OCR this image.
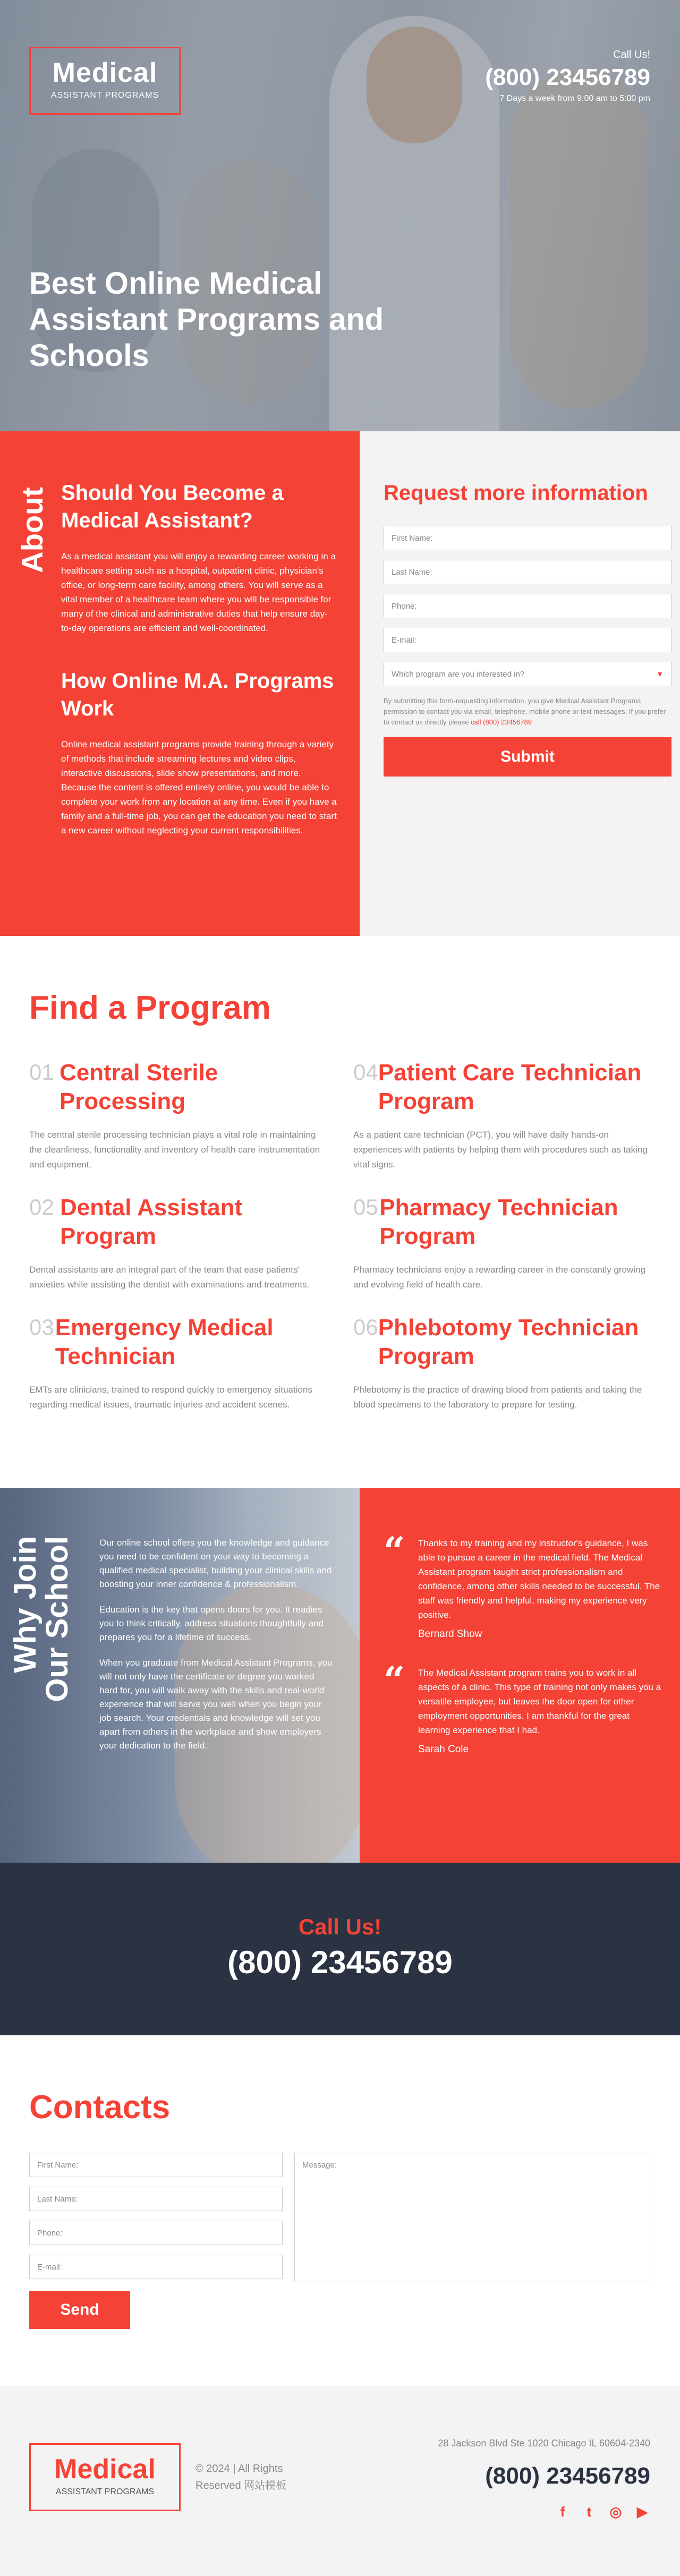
Medical
ASSISTANT PROGRAMS
Call Us!
(800) 23456789
7 Days a week from 9:00 am to 5:00 pm
Best Online Medical Assistant Programs and Schools
About Should You Become a Medical Assistant?

As a medical assistant you will enjoy a rewarding career working in a healthcare setting such as a hospital, outpatient clinic, physician's office, or long-term care facility, among others. You will serve as a vital member of a healthcare team where you will be responsible for many of the clinical and administrative duties that help ensure day-to-day operations are efficient and well-coordinated.

How Online M.A. Programs Work

Online medical assistant programs provide training through a variety of methods that include streaming lectures and video clips, interactive discussions, slide show presentations, and more. Because the content is offered entirely online, you would be able to complete your work from any location at any time. Even if you have a family and a full-time job, you can get the education you need to start a new career without neglecting your current responsibilities.

Request more information
First Name:
Last Name:
Phone:
E-mail:
Which program are you interested in?	▼
By submitting this form-requesting information, you give Medical Assistant Programs permission to contact you via email, telephone, mobile phone or text messages. If you prefer to contact us directly please call (800) 23456789
Submit
Find a Program
01 Central Sterile Processing

The central sterile processing technician plays a vital role in maintaining the cleanliness, functionality and inventory of health care instrumentation and equipment.

04 Patient Care Technician Program

As a patient care technician (PCT), you will have daily hands-on experiences with patients by helping them with procedures such as taking vital signs.

02 Dental Assistant Program

Dental assistants are an integral part of the team that ease patients' anxieties while assisting the dentist with examinations and treatments.

05 Pharmacy Technician Program

Pharmacy technicians enjoy a rewarding career in the constantly growing and evolving field of health care.

03 Emergency Medical Technician

EMTs are clinicians, trained to respond quickly to emergency situations regarding medical issues, traumatic injuries and accident scenes.

06 Phlebotomy Technician Program

Phlebotomy is the practice of drawing blood from patients and taking the blood specimens to the laboratory to prepare for testing.

Why Join Our School	Our online school offers you the knowledge and guidance you need to be confident on your way to becoming a qualified medical specialist, building your clinical skills and boosting your inner confidence & professionalism.

Education is the key that opens doors for you. It readies you to think critically, address situations thoughtfully and prepares you for a lifetime of success.

When you graduate from Medical Assistant Programs, you will not only have the certificate or degree you worked hard for, you will walk away with the skills and real-world experience that will serve you well when you begin your job search. Your credentials and knowledge will set you apart from others in the workplace and show employers your dedication to the field.

“	Thanks to my training and my instructor's guidance, I was able to pursue a career in the medical field. The Medical Assistant program taught strict professionalism and confidence, among other skills needed to be successful. The staff was friendly and helpful, making my experience very positive.

Bernard Show
“	The Medical Assistant program trains you to work in all aspects of a clinic. This type of training not only makes you a versatile employee, but leaves the door open for other employment opportunities. I am thankful for the great learning experience that I had.

Sarah Cole
Call Us!
(800) 23456789
Contacts
First Name:
Last Name:
Phone:
E-mail:
Send
Message:
Medical
ASSISTANT PROGRAMS
© 2024 | All Rights Reserved 网站模板
28 Jackson Blvd Ste 1020 Chicago IL 60604-2340
(800) 23456789
f	t	◎ ▶
